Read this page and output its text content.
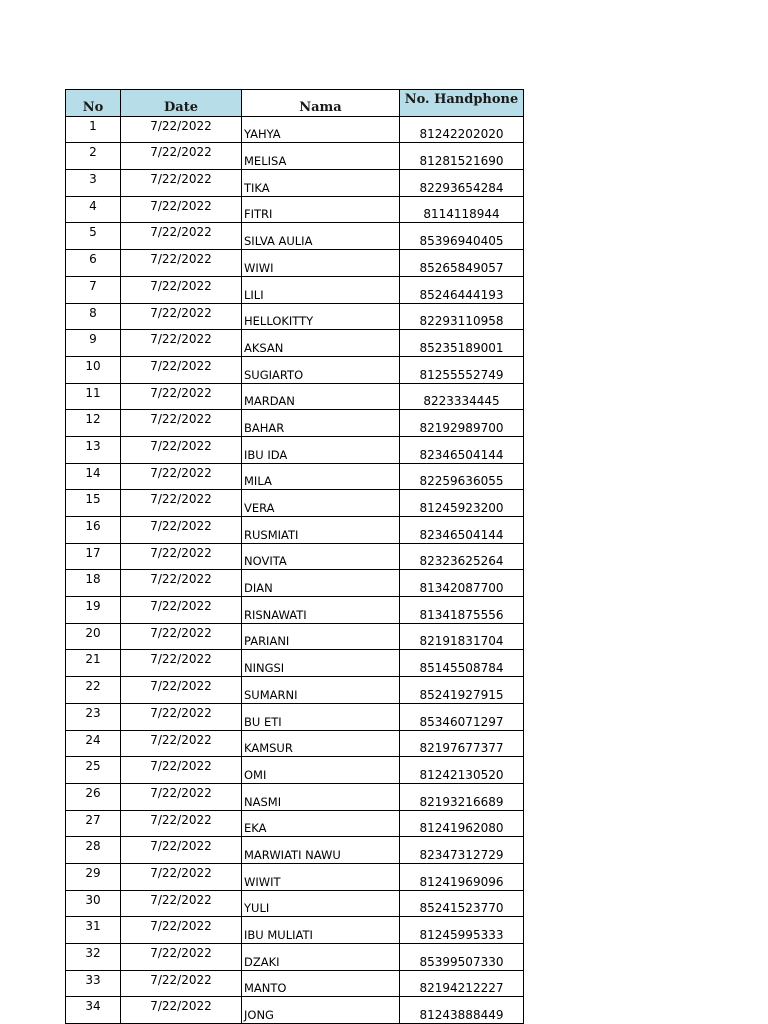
No	Date	Nama	No. Handphone
1	7/22/2022	YAHYA	81242202020
2	7/22/2022	MELISA	81281521690
3	7/22/2022	TIKA	82293654284
4	7/22/2022	FITRI	8114118944
5	7/22/2022	SILVA AULIA	85396940405
6	7/22/2022	WIWI	85265849057
7	7/22/2022	LILI	85246444193
8	7/22/2022	HELLOKITTY	82293110958
9	7/22/2022	AKSAN	85235189001
10	7/22/2022	SUGIARTO	81255552749
11	7/22/2022	MARDAN	8223334445
12	7/22/2022	BAHAR	82192989700
13	7/22/2022	IBU IDA	82346504144
14	7/22/2022	MILA	82259636055
15	7/22/2022	VERA	81245923200
16	7/22/2022	RUSMIATI	82346504144
17	7/22/2022	NOVITA	82323625264
18	7/22/2022	DIAN	81342087700
19	7/22/2022	RISNAWATI	81341875556
20	7/22/2022	PARIANI	82191831704
21	7/22/2022	NINGSI	85145508784
22	7/22/2022	SUMARNI	85241927915
23	7/22/2022	BU ETI	85346071297
24	7/22/2022	KAMSUR	82197677377
25	7/22/2022	OMI	81242130520
26	7/22/2022	NASMI	82193216689
27	7/22/2022	EKA	81241962080
28	7/22/2022	MARWIATI NAWU	82347312729
29	7/22/2022	WIWIT	81241969096
30	7/22/2022	YULI	85241523770
31	7/22/2022	IBU MULIATI	81245995333
32	7/22/2022	DZAKI	85399507330
33	7/22/2022	MANTO	82194212227
34	7/22/2022	JONG	81243888449
